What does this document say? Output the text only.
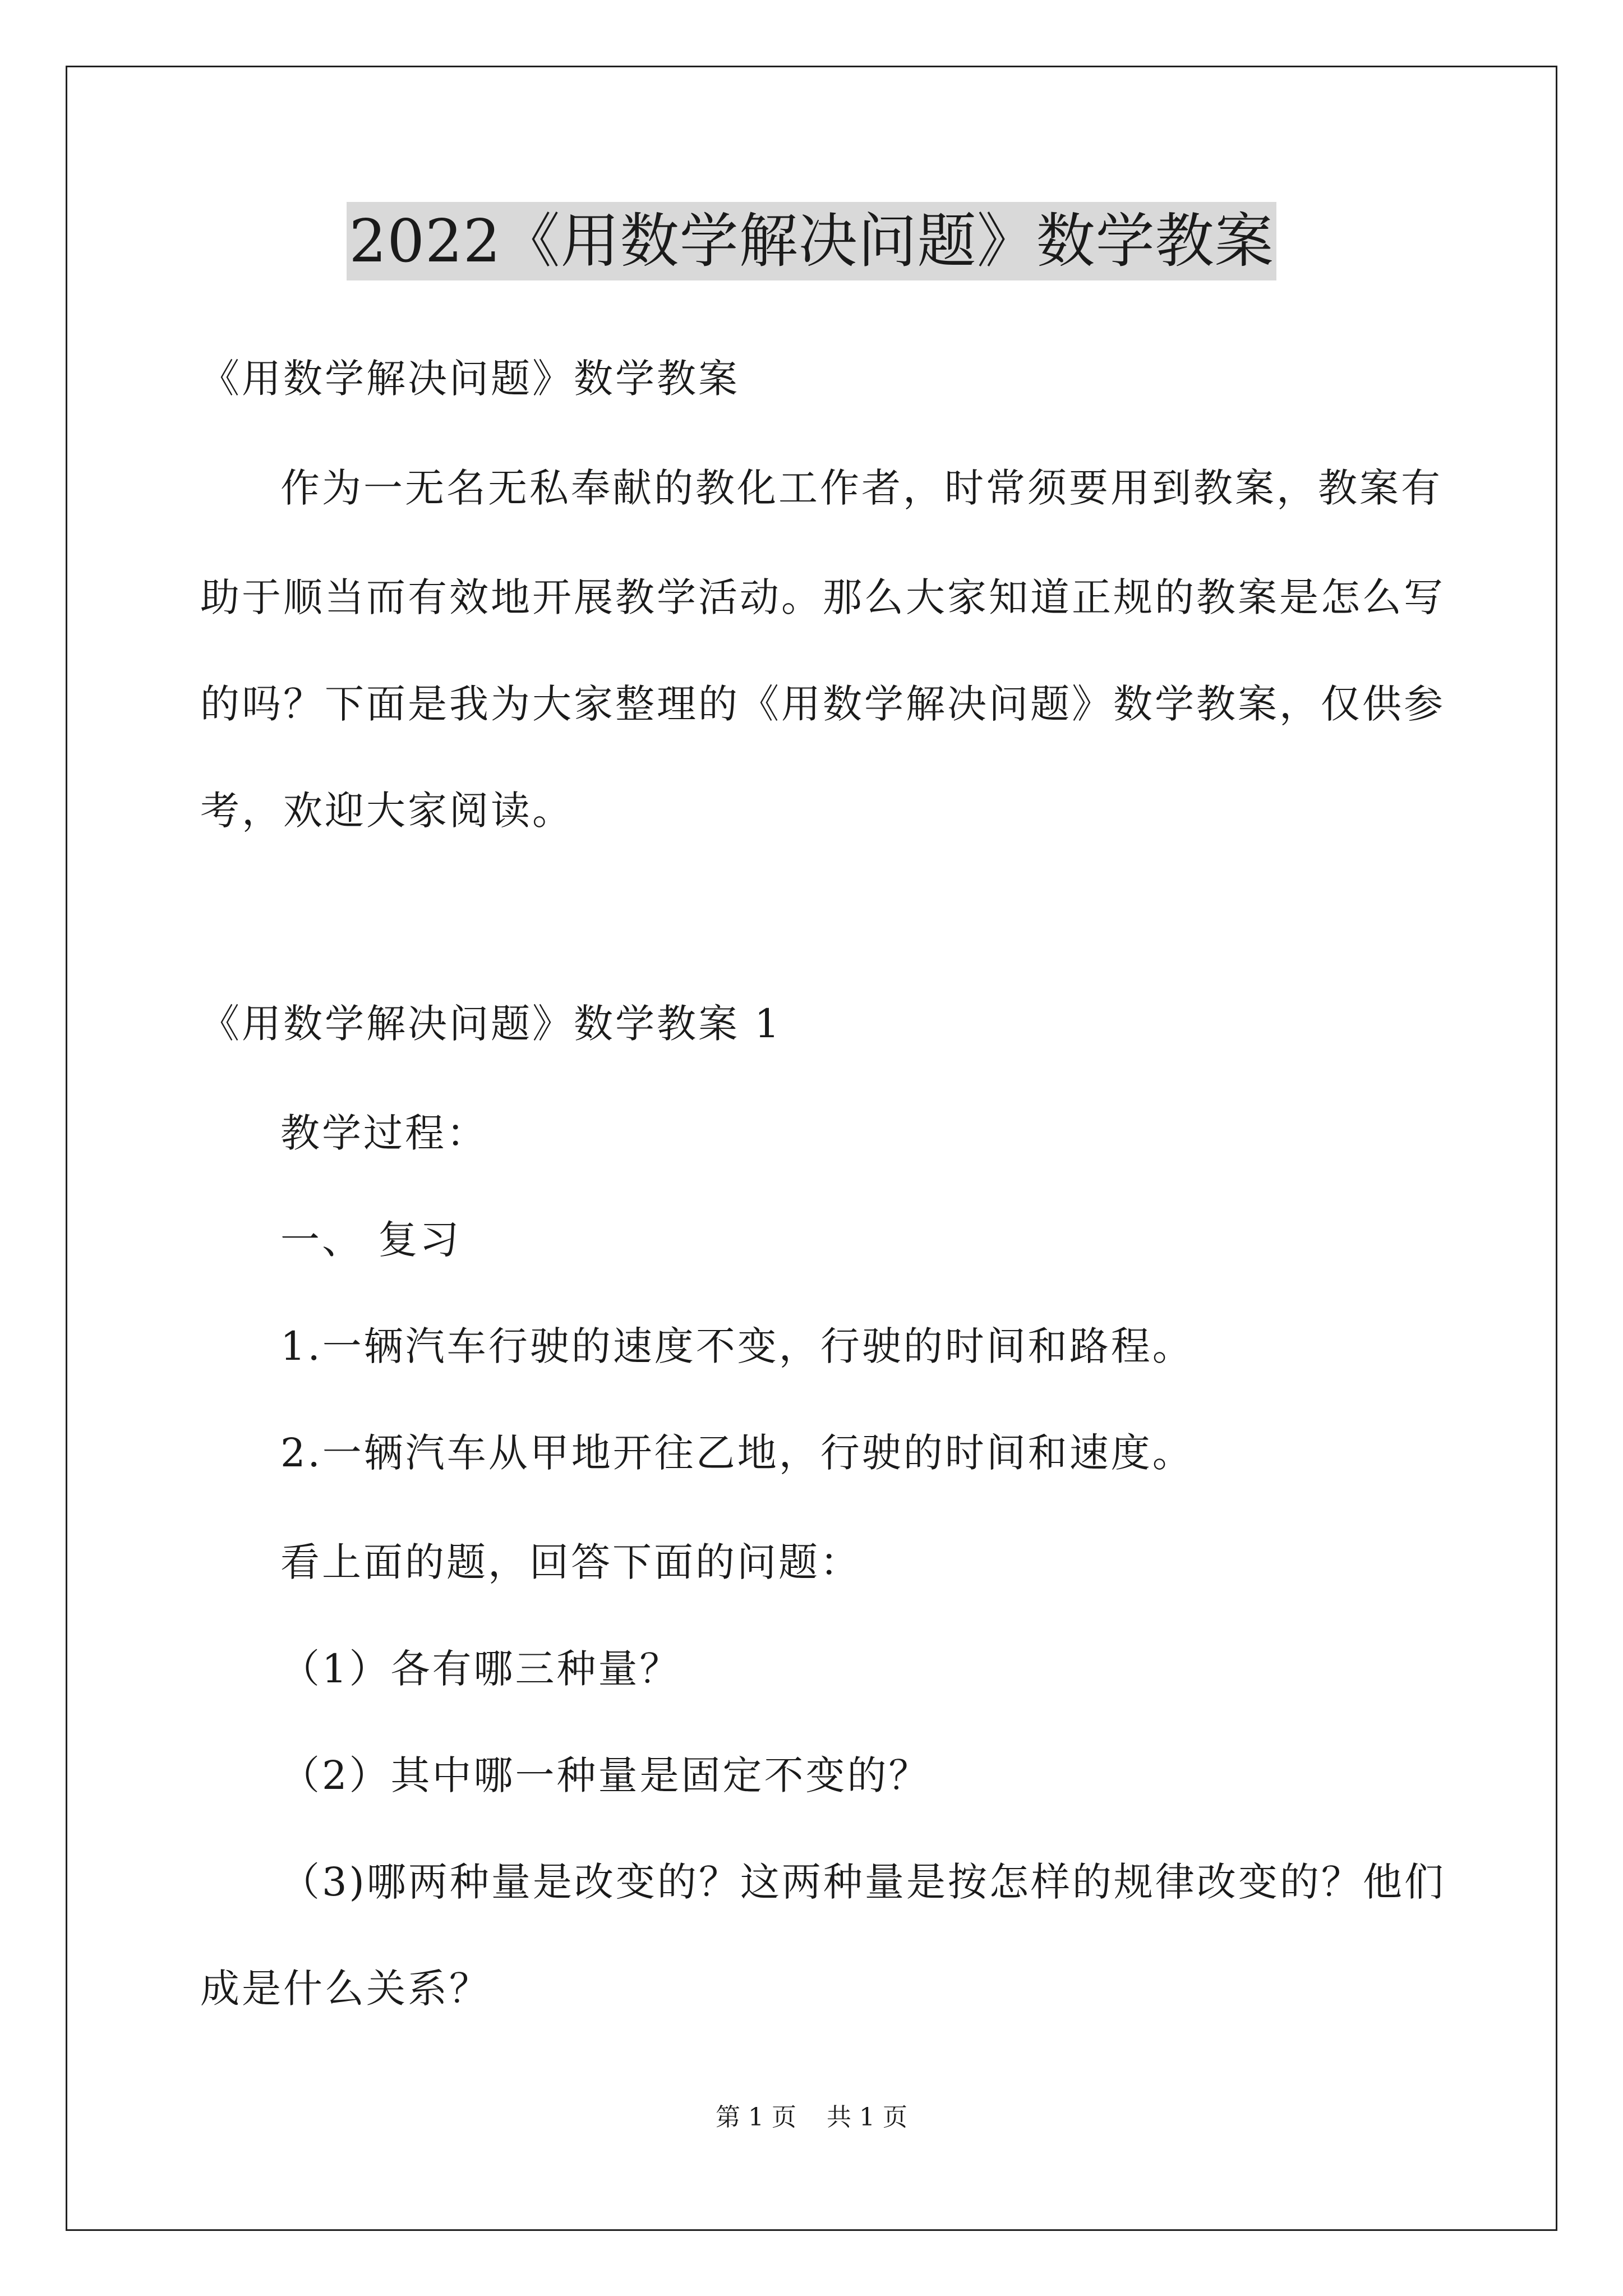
2022《用数学解决问题》数学教案
《用数学解决问题》数学教案
作为一无名无私奉献的教化工作者，时常须要用到教案，教案有
助于顺当而有效地开展教学活动。那么大家知道正规的教案是怎么写
的吗？下面是我为大家整理的《用数学解决问题》数学教案，仅供参
考，欢迎大家阅读。
《用数学解决问题》数学教案 1
教学过程：
一、 复习
1.一辆汽车行驶的速度不变，行驶的时间和路程。
2.一辆汽车从甲地开往乙地，行驶的时间和速度。
看上面的题，回答下面的问题：
（1）各有哪三种量？
（2）其中哪一种量是固定不变的？
（3)哪两种量是改变的？这两种量是按怎样的规律改变的？他们
成是什么关系？
第 1 页 共 1 页
